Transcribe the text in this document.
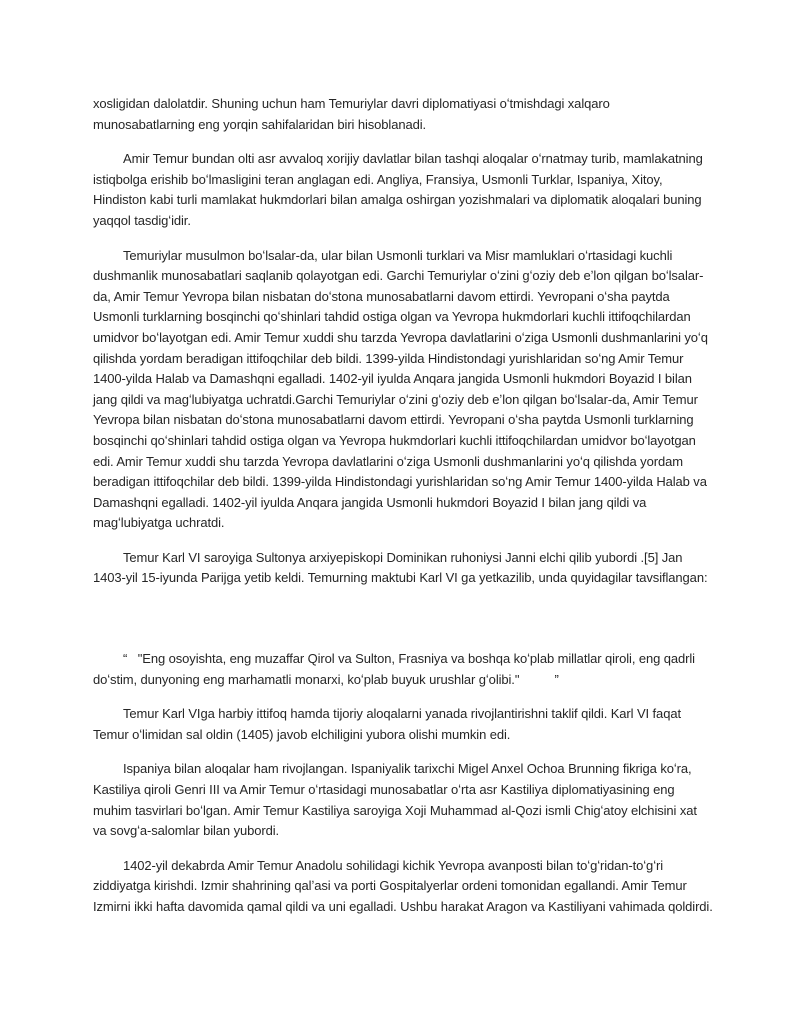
xosligidan dalolatdir. Shuning uchun ham Temuriylar davri diplomatiyasi oʻtmishdagi xalqaro munosabatlarning eng yorqin sahifalaridan biri hisoblanadi.

Amir Temur bundan olti asr avvaloq xorijiy davlatlar bilan tashqi aloqalar oʻrnatmay turib, mamlakatning istiqbolga erishib boʻlmasligini teran anglagan edi. Angliya, Fransiya, Usmonli Turklar, Ispaniya, Xitoy, Hindiston kabi turli mamlakat hukmdorlari bilan amalga oshirgan yozishmalari va diplomatik aloqalari buning yaqqol tasdigʻidir.

Temuriylar musulmon boʻlsalar-da, ular bilan Usmonli turklari va Misr mamluklari oʻrtasidagi kuchli dushmanlik munosabatlari saqlanib qolayotgan edi. Garchi Temuriylar oʻzini gʻoziy deb eʼlon qilgan boʻlsalar-da, Amir Temur Yevropa bilan nisbatan doʻstona munosabatlarni davom ettirdi. Yevropani oʻsha paytda Usmonli turklarning bosqinchi qoʻshinlari tahdid ostiga olgan va Yevropa hukmdorlari kuchli ittifoqchilardan umidvor boʻlayotgan edi. Amir Temur xuddi shu tarzda Yevropa davlatlarini oʻziga Usmonli dushmanlarini yoʻq qilishda yordam beradigan ittifoqchilar deb bildi. 1399-yilda Hindistondagi yurishlaridan soʻng Amir Temur 1400-yilda Halab va Damashqni egalladi. 1402-yil iyulda Anqara jangida Usmonli hukmdori Boyazid I bilan jang qildi va magʻlubiyatga uchratdi.Garchi Temuriylar oʻzini gʻoziy deb eʼlon qilgan boʻlsalar-da, Amir Temur Yevropa bilan nisbatan doʻstona munosabatlarni davom ettirdi. Yevropani oʻsha paytda Usmonli turklarning bosqinchi qoʻshinlari tahdid ostiga olgan va Yevropa hukmdorlari kuchli ittifoqchilardan umidvor boʻlayotgan edi. Amir Temur xuddi shu tarzda Yevropa davlatlarini oʻziga Usmonli dushmanlarini yoʻq qilishda yordam beradigan ittifoqchilar deb bildi. 1399-yilda Hindistondagi yurishlaridan soʻng Amir Temur 1400-yilda Halab va Damashqni egalladi. 1402-yil iyulda Anqara jangida Usmonli hukmdori Boyazid I bilan jang qildi va magʻlubiyatga uchratdi.

Temur Karl VI saroyiga Sultonya arxiyepiskopi Dominikan ruhoniysi Janni elchi qilib yubordi .[5] Jan 1403-yil 15-iyunda Parijga yetib keldi. Temurning maktubi Karl VI ga yetkazilib, unda quyidagilar tavsiflangan:

“ "Eng osoyishta, eng muzaffar Qirol va Sulton, Frasniya va boshqa koʻplab millatlar qiroli, eng qadrli doʻstim, dunyoning eng marhamatli monarxi, koʻplab buyuk urushlar gʻolibi."	”

Temur Karl VIga harbiy ittifoq hamda tijoriy aloqalarni yanada rivojlantirishni taklif qildi. Karl VI faqat Temur oʻlimidan sal oldin (1405) javob elchiligini yubora olishi mumkin edi.

Ispaniya bilan aloqalar ham rivojlangan. Ispaniyalik tarixchi Migel Anxel Ochoa Brunning fikriga koʻra, Kastiliya qiroli Genri III va Amir Temur oʻrtasidagi munosabatlar oʻrta asr Kastiliya diplomatiyasining eng muhim tasvirlari boʻlgan. Amir Temur Kastiliya saroyiga Xoji Muhammad al-Qozi ismli Chigʻatoy elchisini xat va sovgʻa-salomlar bilan yubordi.

1402-yil dekabrda Amir Temur Anadolu sohilidagi kichik Yevropa avanposti bilan toʻgʻridan-toʻgʻri ziddiyatga kirishdi. Izmir shahrining qalʼasi va porti Gospitalyerlar ordeni tomonidan egallandi. Amir Temur Izmirni ikki hafta davomida qamal qildi va uni egalladi. Ushbu harakat Aragon va Kastiliyani vahimada qoldirdi.
